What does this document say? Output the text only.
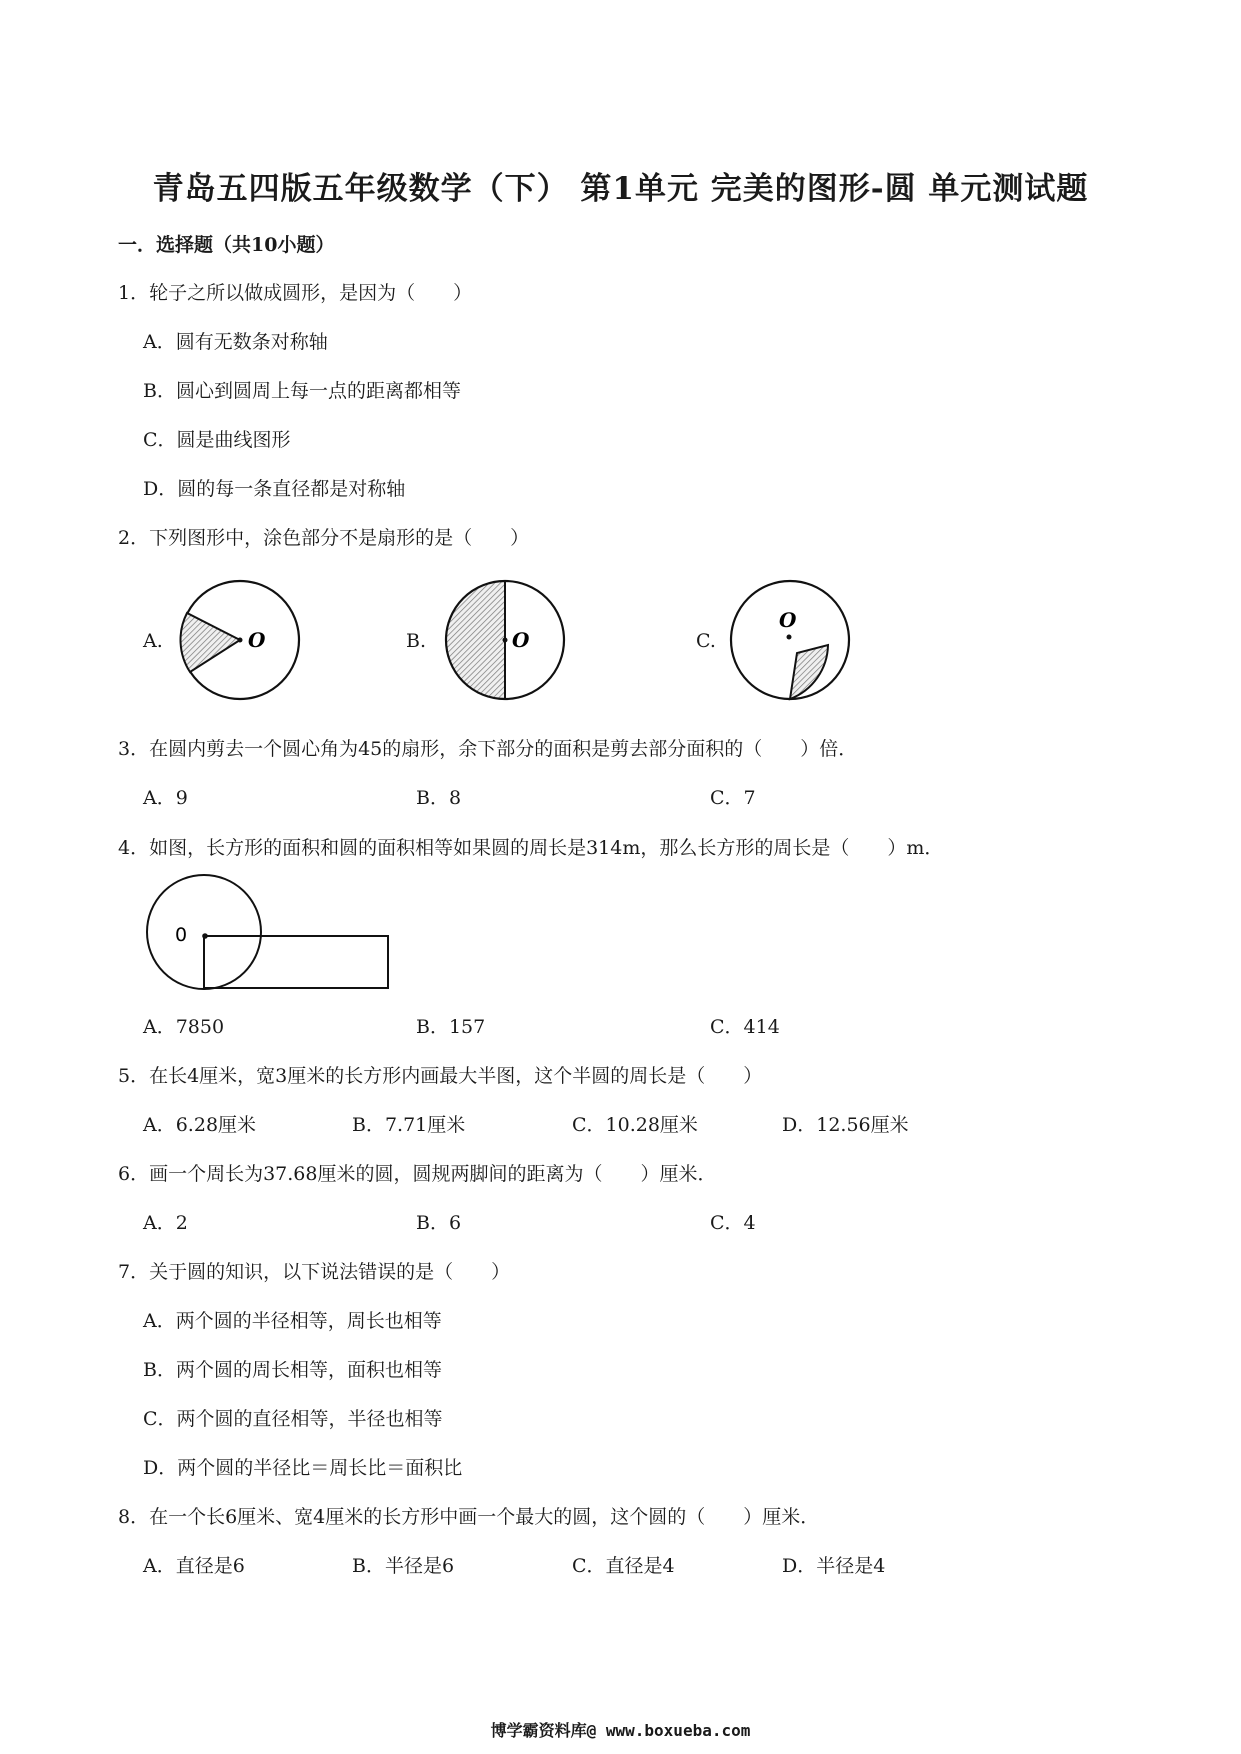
青岛五四版五年级数学（下） 第1单元 完美的图形-圆 单元测试题
一．选择题（共10小题）
1．轮子之所以做成圆形，是因为（　　）
A．圆有无数条对称轴
B．圆心到圆周上每一点的距离都相等
C．圆是曲线图形
D．圆的每一条直径都是对称轴
2．下列图形中，涂色部分不是扇形的是（　　）
A.	B.	C.
O	O
O
3．在圆内剪去一个圆心角为45的扇形，余下部分的面积是剪去部分面积的（　　）倍．
A．9	B．8	C．7
4．如图，长方形的面积和圆的面积相等如果圆的周长是314m，那么长方形的周长是（　　）m．
0
A．7850	B．157	C．414
5．在长4厘米，宽3厘米的长方形内画最大半图，这个半圆的周长是（　　）
A．6.28厘米	B．7.71厘米	C．10.28厘米	D．12.56厘米
6．画一个周长为37.68厘米的圆，圆规两脚间的距离为（　　）厘米．
A．2	B．6	C．4
7．关于圆的知识，以下说法错误的是（　　）
A．两个圆的半径相等，周长也相等
B．两个圆的周长相等，面积也相等
C．两个圆的直径相等，半径也相等
D．两个圆的半径比＝周长比＝面积比
8．在一个长6厘米、宽4厘米的长方形中画一个最大的圆，这个圆的（　　）厘米．
A．直径是6	B．半径是6	C．直径是4	D．半径是4
博学霸资料库@ www.boxueba.com
